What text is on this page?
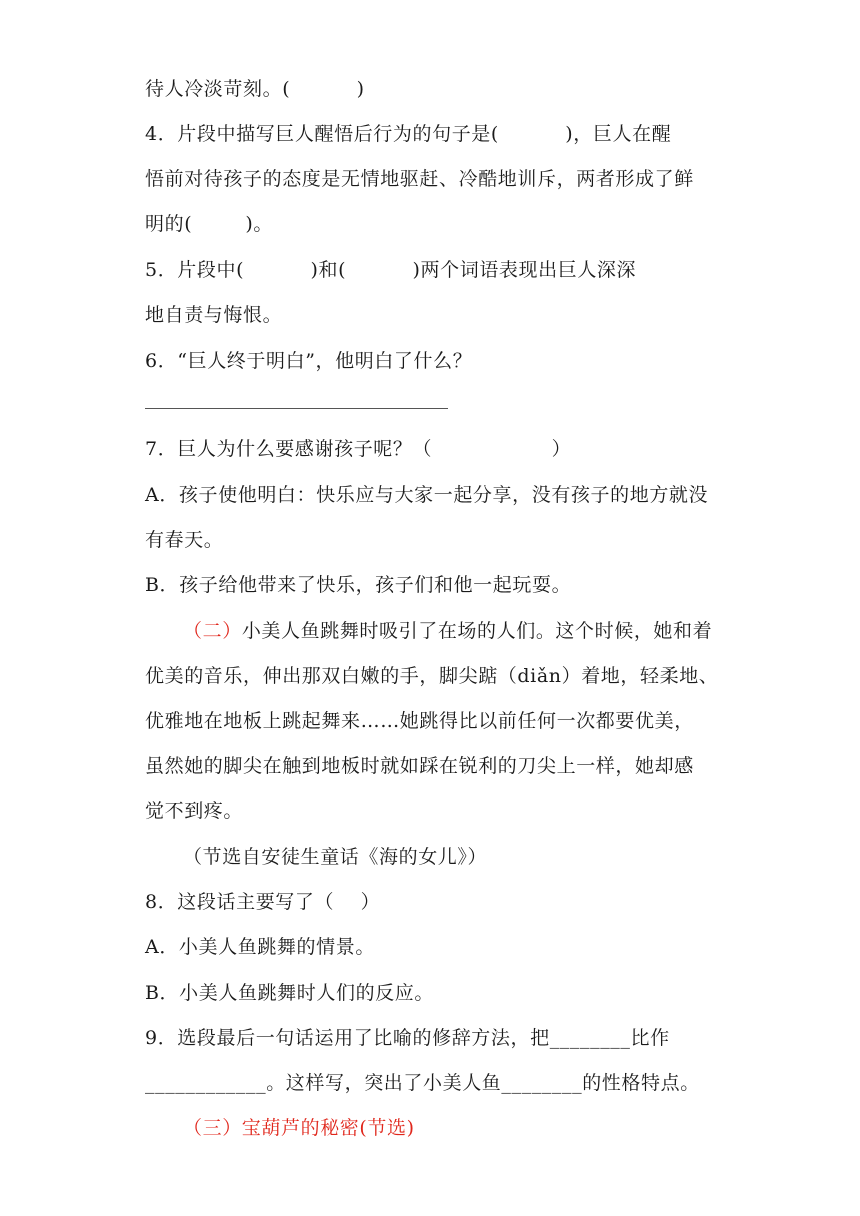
待人冷淡苛刻。(          )
4．片段中描写巨人醒悟后行为的句子是(          )，巨人在醒
悟前对待孩子的态度是无情地驱赶、冷酷地训斥，两者形成了鲜
明的(        )。
5．片段中(          )和(          )两个词语表现出巨人深深
地自责与悔恨。
6．“巨人终于明白”，他明白了什么？
7．巨人为什么要感谢孩子呢？（                  ）
A．孩子使他明白：快乐应与大家一起分享，没有孩子的地方就没
有春天。
B．孩子给他带来了快乐，孩子们和他一起玩耍。
（二）小美人鱼跳舞时吸引了在场的人们。这个时候，她和着
优美的音乐，伸出那双白嫩的手，脚尖踮（diǎn）着地，轻柔地、
优雅地在地板上跳起舞来……她跳得比以前任何一次都要优美，
虽然她的脚尖在触到地板时就如踩在锐利的刀尖上一样，她却感
觉不到疼。
（节选自安徒生童话《海的女儿》）
8．这段话主要写了（    ）
A．小美人鱼跳舞的情景。
B．小美人鱼跳舞时人们的反应。
9．选段最后一句话运用了比喻的修辞方法，把________比作
____________。这样写，突出了小美人鱼________的性格特点。
（三）宝葫芦的秘密(节选)
